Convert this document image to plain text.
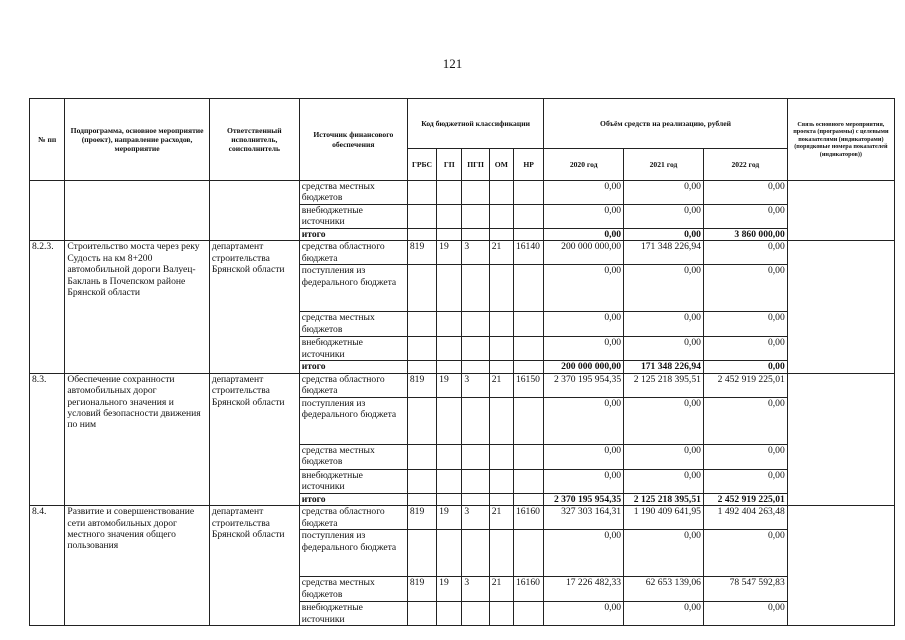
121
№ пп	Подпрограмма, основное мероприятие (проект), направление расходов, мероприятие	Ответственный исполнитель, соисполнитель	Источник финансового обеспечения	Код бюджетной классификации					Объём средств на реализацию, рублей			Связь основного мероприятия, проекта (программы) с целевыми показателями (индикаторами) (порядковые номера показателей (индикаторов))
				ГРБС	ГП	ПГП	ОМ	НР	2020 год	2021 год	2022 год	
			средства местных бюджетов						0,00	0,00	0,00	
			внебюджетные источники						0,00	0,00	0,00	
			итого						0,00	0,00	3 860 000,00	
8.2.3.	Строительство моста через реку Судость на км 8+200 автомобильной дороги Валуец-Баклань в Почепском районе Брянской области	департамент строительства Брянской области	средства областного бюджета	819	19	3	21	16140	200 000 000,00	171 348 226,94	0,00	
			поступления из федерального бюджета						0,00	0,00	0,00	
			средства местных бюджетов						0,00	0,00	0,00	
			внебюджетные источники						0,00	0,00	0,00	
			итого						200 000 000,00	171 348 226,94	0,00	
8.3.	Обеспечение сохранности автомобильных дорог регионального значения и условий безопасности движения по ним	департамент строительства Брянской области	средства областного бюджета	819	19	3	21	16150	2 370 195 954,35	2 125 218 395,51	2 452 919 225,01	
			поступления из федерального бюджета						0,00	0,00	0,00	
			средства местных бюджетов						0,00	0,00	0,00	
			внебюджетные источники						0,00	0,00	0,00	
			итого						2 370 195 954,35	2 125 218 395,51	2 452 919 225,01	
8.4.	Развитие и совершенствование сети автомобильных дорог местного значения общего пользования	департамент строительства Брянской области	средства областного бюджета	819	19	3	21	16160	327 303 164,31	1 190 409 641,95	1 492 404 263,48	
			поступления из федерального бюджета						0,00	0,00	0,00	
			средства местных бюджетов	819	19	3	21	16160	17 226 482,33	62 653 139,06	78 547 592,83	
			внебюджетные источники						0,00	0,00	0,00	
